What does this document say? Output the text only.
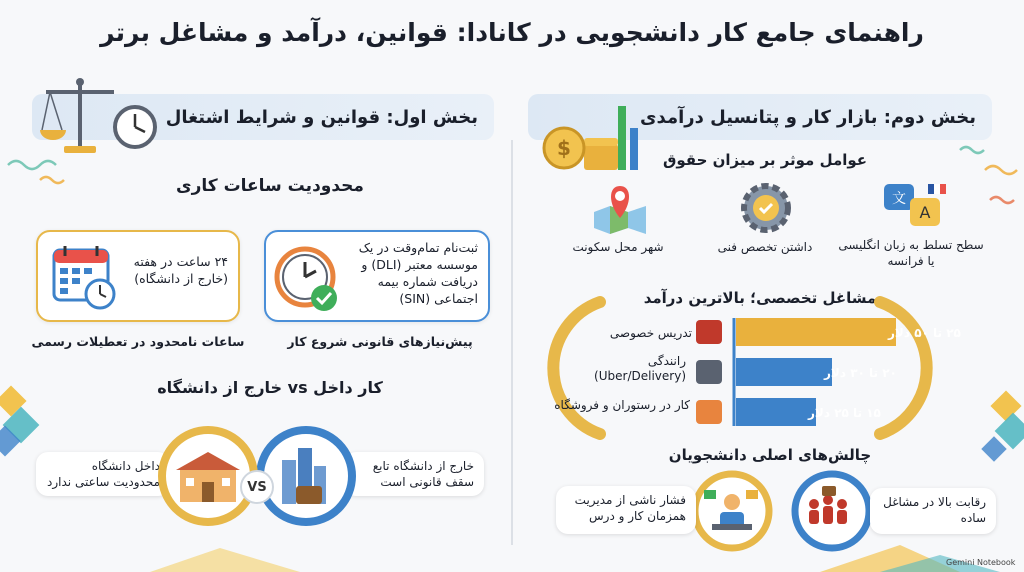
راهنمای جامع کار دانشجویی در کانادا: قوانین، درآمد و مشاغل برتر
بخش اول: قوانین و شرایط اشتغال
محدودیت ساعات کاری
ثبت‌نام تمام‌وقت در یک موسسه معتبر (DLI) و دریافت شماره بیمه اجتماعی (SIN)
پیش‌نیازهای قانونی شروع کار
۲۴ ساعت در هفته (خارج از دانشگاه)
ساعات نامحدود در تعطیلات رسمی
کار داخل vs خارج از دانشگاه
خارج از دانشگاه تابع سقف قانونی است
داخل دانشگاه محدودیت ساعتی ندارد	VS
بخش دوم: بازار کار و پتانسیل درآمدی
$	عوامل موثر بر میزان حقوق
文
A
سطح تسلط به زبان انگلیسی یا فرانسه
داشتن تخصص فنی
شهر محل سکونت
مشاغل تخصصی؛ بالاترین درآمد
۲۵ تا ۵۰ دلار
۲۰ تا ۳۰ دلار
۱۵ تا ۲۵ دلار
تدریس خصوصی
رانندگی (Uber/Delivery)
کار در رستوران و فروشگاه
چالش‌های اصلی دانشجویان
رقابت بالا در مشاغل ساده
فشار ناشی از مدیریت همزمان کار و درس
Gemini Notebook
